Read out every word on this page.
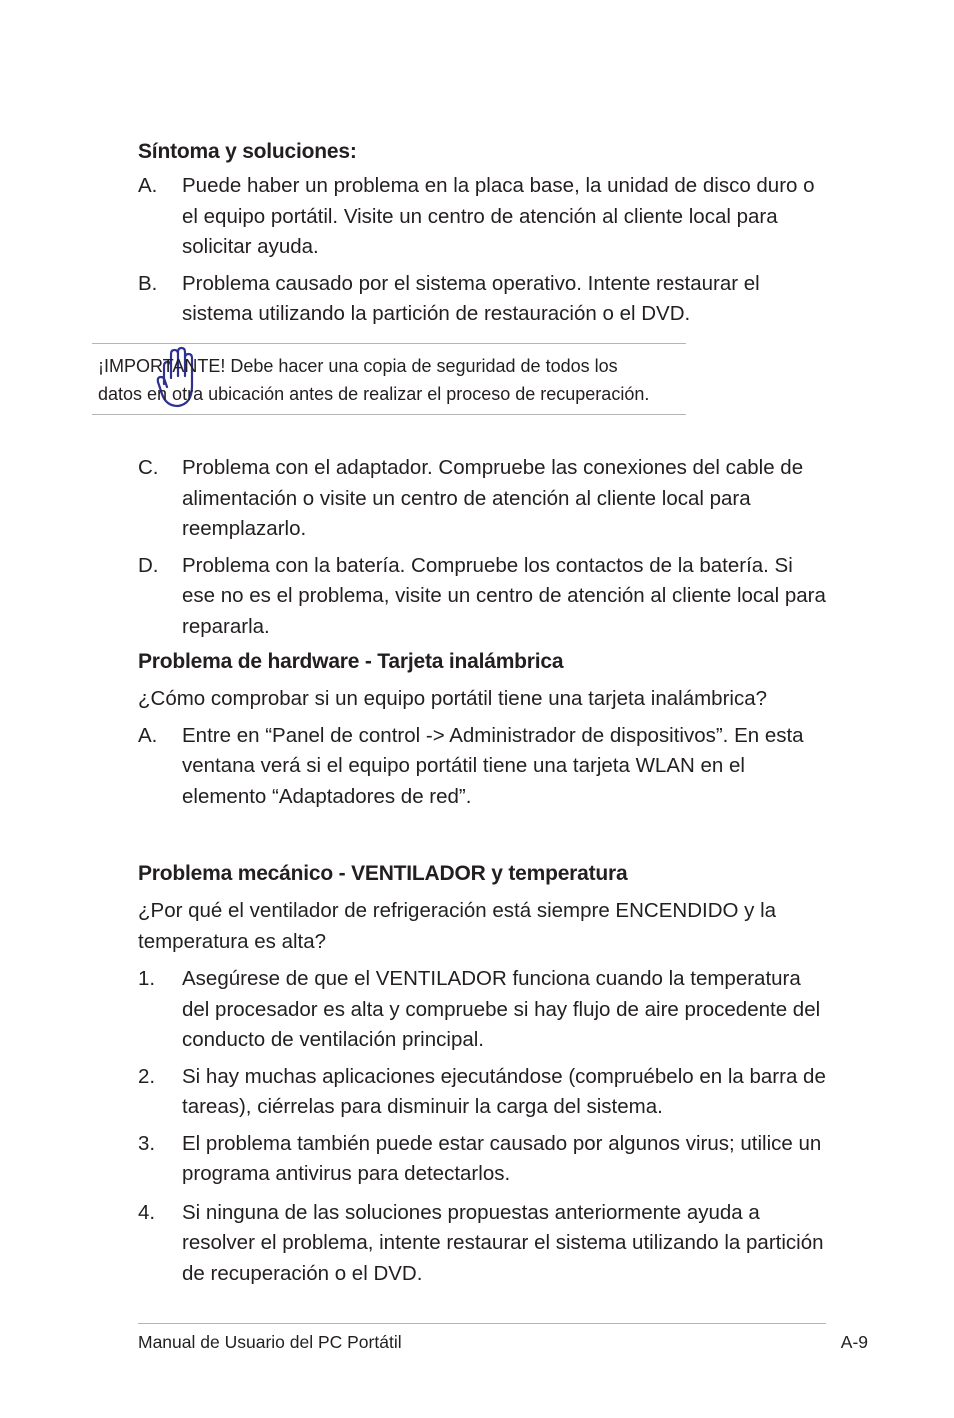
Síntoma y soluciones:

A. Puede haber un problema en la placa base, la unidad de disco duro o el equipo portátil. Visite un centro de atención al cliente local para solicitar ayuda.
B. Problema causado por el sistema operativo. Intente restaurar el sistema utilizando la partición de restauración o el DVD.
¡IMPORTANTE! Debe hacer una copia de seguridad de todos los datos en otra ubicación antes de realizar el proceso de recuperación.
C. Problema con el adaptador. Compruebe las conexiones del cable de alimentación o visite un centro de atención al cliente local para reemplazarlo.
D. Problema con la batería. Compruebe los contactos de la batería. Si ese no es el problema, visite un centro de atención al cliente local para repararla.

Problema de hardware - Tarjeta inalámbrica

¿Cómo comprobar si un equipo portátil tiene una tarjeta inalámbrica?

A. Entre en “Panel de control -> Administrador de dispositivos”. En esta ventana verá si el equipo portátil tiene una tarjeta WLAN en el elemento “Adaptadores de red”.

Problema mecánico - VENTILADOR y temperatura

¿Por qué el ventilador de refrigeración está siempre ENCENDIDO y la temperatura es alta?

1. Asegúrese de que el VENTILADOR funciona cuando la temperatura del procesador es alta y compruebe si hay flujo de aire procedente del conducto de ventilación principal.
2. Si hay muchas aplicaciones ejecutándose (compruébelo en la barra de tareas), ciérrelas para disminuir la carga del sistema.
3. El problema también puede estar causado por algunos virus; utilice un programa antivirus para detectarlos.
4. Si ninguna de las soluciones propuestas anteriormente ayuda a resolver el problema, intente restaurar el sistema utilizando la partición de recuperación o el DVD.
Manual de Usuario del PC Portátil	A-9
